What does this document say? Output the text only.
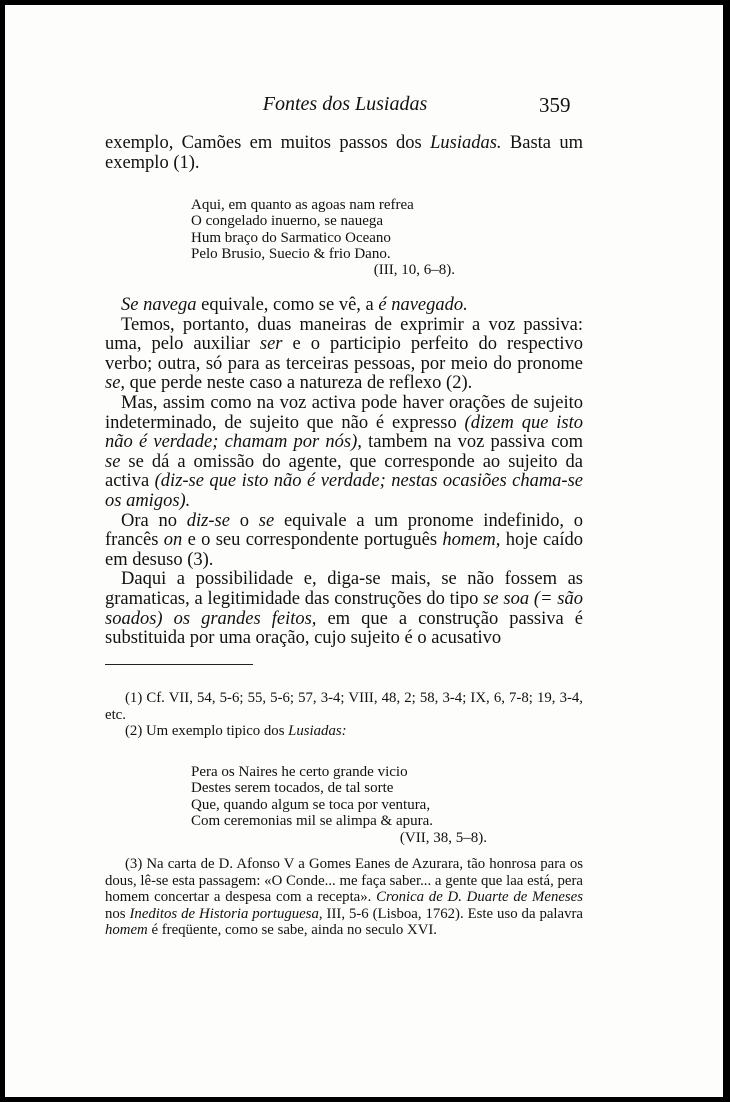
Fontes dos Lusiadas	359

exemplo, Camões em muitos passos dos Lusiadas. Basta um exemplo (1).

Aqui, em quanto as agoas nam refrea
O congelado inuerno, se nauega
Hum braço do Sarmatico Oceano
Pelo Brusio, Suecio & frio Dano.
(III, 10, 6–8).

Se navega equivale, como se vê, a é navegado.

Temos, portanto, duas maneiras de exprimir a voz passiva: uma, pelo auxiliar ser e o participio perfeito do respectivo verbo; outra, só para as terceiras pessoas, por meio do pronome se, que perde neste caso a natureza de reflexo (2).

Mas, assim como na voz activa pode haver orações de sujeito indeterminado, de sujeito que não é expresso (dizem que isto não é verdade; chamam por nós), tambem na voz passiva com se se dá a omissão do agente, que corresponde ao sujeito da activa (diz-se que isto não é verdade; nestas ocasiões chama-se os amigos).

Ora no diz-se o se equivale a um pronome indefinido, o francês on e o seu correspondente português homem, hoje caído em desuso (3).

Daqui a possibilidade e, diga-se mais, se não fossem as gramaticas, a legitimidade das construções do tipo se soa (= são soados) os grandes feitos, em que a construção passiva é substituida por uma oração, cujo sujeito é o acusativo

(1) Cf. VII, 54, 5-6; 55, 5-6; 57, 3-4; VIII, 48, 2; 58, 3-4; IX, 6, 7-8; 19, 3-4, etc.

(2) Um exemplo tipico dos Lusiadas:

Pera os Naires he certo grande vicio
Destes serem tocados, de tal sorte
Que, quando algum se toca por ventura,
Com ceremonias mil se alimpa & apura.
(VII, 38, 5–8).

(3) Na carta de D. Afonso V a Gomes Eanes de Azurara, tão honrosa para os dous, lê-se esta passagem: «O Conde... me faça saber... a gente que laa está, pera homem concertar a despesa com a recepta». Cronica de D. Duarte de Meneses nos Ineditos de Historia portuguesa, III, 5-6 (Lisboa, 1762). Este uso da palavra homem é freqüente, como se sabe, ainda no seculo XVI.
